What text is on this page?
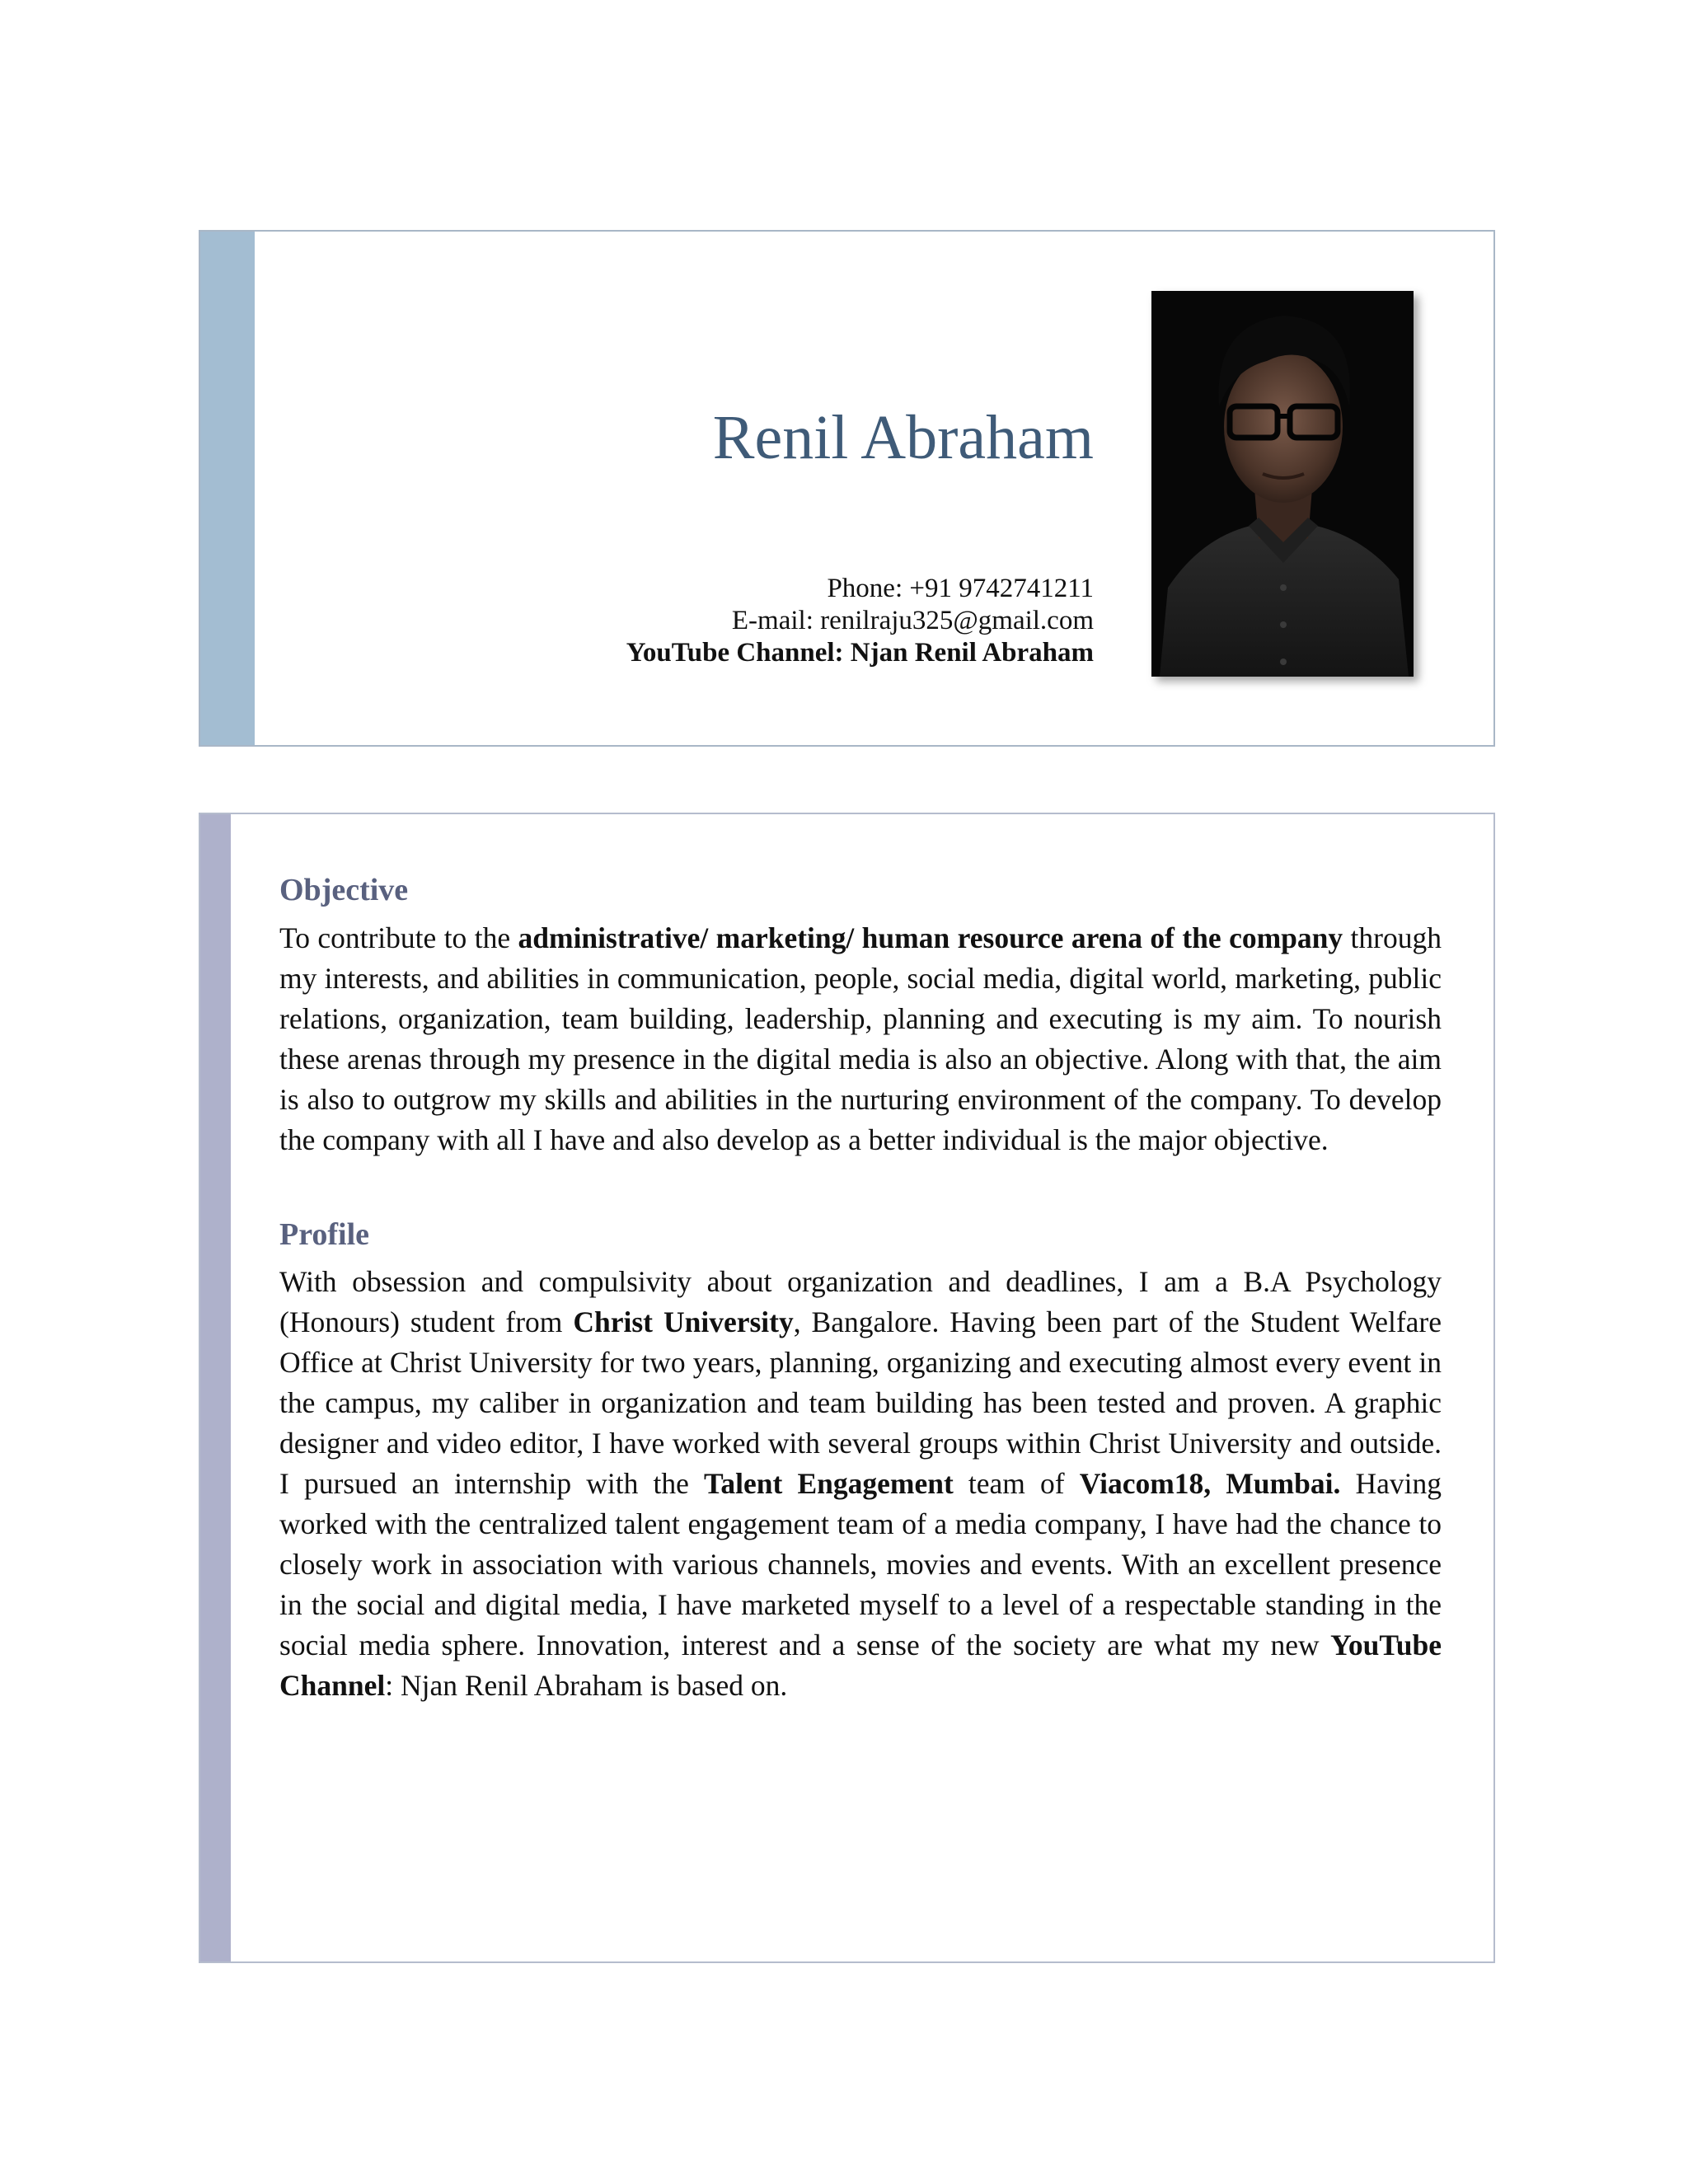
Renil Abraham
Phone: +91 9742741211
E-mail: renilraju325@gmail.com
YouTube Channel: Njan Renil Abraham
Objective

To contribute to the administrative/ marketing/ human resource arena of the company through my interests, and abilities in communication, people, social media, digital world, marketing, public relations, organization, team building, leadership, planning and executing is my aim. To nourish these arenas through my presence in the digital media is also an objective. Along with that, the aim is also to outgrow my skills and abilities in the nurturing environment of the company. To develop the company with all I have and also develop as a better individual is the major objective.

Profile

With obsession and compulsivity about organization and deadlines, I am a B.A Psychology (Honours) student from Christ University, Bangalore. Having been part of the Student Welfare Office at Christ University for two years, planning, organizing and executing almost every event in the campus, my caliber in organization and team building has been tested and proven. A graphic designer and video editor, I have worked with several groups within Christ University and outside. I pursued an internship with the Talent Engagement team of Viacom18, Mumbai. Having worked with the centralized talent engagement team of a media company, I have had the chance to closely work in association with various channels, movies and events. With an excellent presence in the social and digital media, I have marketed myself to a level of a respectable standing in the social media sphere. Innovation, interest and a sense of the society are what my new YouTube Channel: Njan Renil Abraham is based on.
